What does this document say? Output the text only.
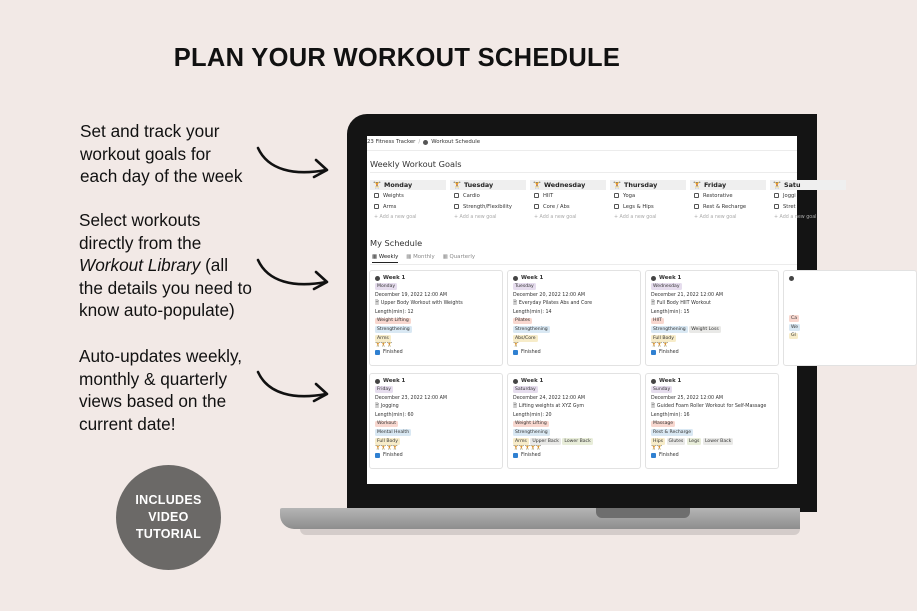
PLAN YOUR WORKOUT SCHEDULE
Set and track your
workout goals for
each day of the week
Select workouts
directly from the
Workout Library (all
the details you need to
know auto-populate)
Auto-updates weekly,
monthly & quarterly
views based on the
current date!
INCLUDES
VIDEO
TUTORIAL
23 Fitness Tracker / Workout Schedule
Weekly Workout Goals
🏋 Monday
Weights
Arms
+ Add a new goal
🏋 Tuesday
Cardio
Strength/Flexibility
+ Add a new goal
🏋 Wednesday
HIIT
Core / Abs
+ Add a new goal
🏋 Thursday
Yoga
Legs & Hips
+ Add a new goal
🏋 Friday
Restorative
Rest & Recharge
+ Add a new goal
🏋 Satu
Joggi
Stret
+ Add a new goal
My Schedule
▦ Weekly ▦ Monthly ▦ Quarterly
Week 1
Monday
December 19, 2022 12:00 AM
🗎 Upper Body Workout with Weights
Length(min): 12
Weight Lifting
Strengthening
Arms
🏋🏋🏋
Finished
Week 1
Tuesday
December 20, 2022 12:00 AM
🗎 Everyday Pilates Abs and Core
Length(min): 14
Pilates
Strengthening
Abs/Core
🏋
Finished
Week 1
Wednesday
December 21, 2022 12:00 AM
🗎 Full Body HIIT Workout
Length(min): 15
HIIT
Strengthening Weight Loss
Full Body
🏋🏋🏋
Finished
Week 1
Friday
December 23, 2022 12:00 AM
🗎 Jogging
Length(min): 60
Workout
Mental Health
Full Body
🏋🏋🏋🏋
Finished
Week 1
Saturday
December 24, 2022 12:00 AM
🗎 Lifting weights at XYZ Gym
Length(min): 20
Weight Lifting
Strengthening
Arms Upper Back Lower Back
🏋🏋🏋🏋🏋
Finished
Week 1
Sunday
December 25, 2022 12:00 AM
🗎 Guided Foam Roller Workout for Self-Massage
Length(min): 16
Massage
Rest & Recharge
Hips Glutes Legs Lower Back
🏋🏋
Finished
Ca
We
Gl
